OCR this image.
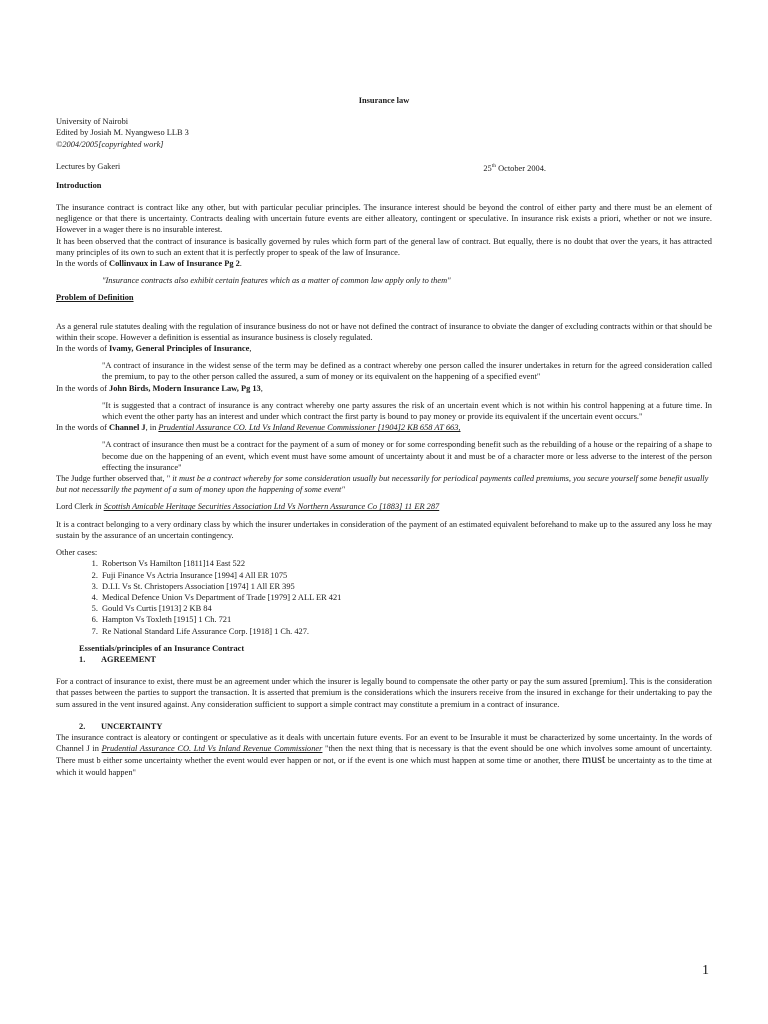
Insurance law

University of Nairobi

Edited by Josiah M. Nyangweso LLB 3

©2004/2005[copyrighted work]

Lectures by Gakeri	25th October 2004.

Introduction

The insurance contract is contract like any other, but with particular peculiar principles. The insurance interest should be beyond the control of either party and there must be an element of negligence or that there is uncertainty. Contracts dealing with uncertain future events are either alleatory, contingent or speculative. In insurance risk exists a priori, whether or not we insure. However in a wager there is no insurable interest.

It has been observed that the contract of insurance is basically governed by rules which form part of the general law of contract. But equally, there is no doubt that over the years, it has attracted many principles of its own to such an extent that it is perfectly proper to speak of the law of Insurance.

In the words of Collinvaux in Law of Insurance Pg 2.

"Insurance contracts also exhibit certain features which as a matter of common law apply only to them"

Problem of Definition

As a general rule statutes dealing with the regulation of insurance business do not or have not defined the contract of insurance to obviate the danger of excluding contracts within or that should be within their scope. However a definition is essential as insurance business is closely regulated.

In the words of Ivamy, General Principles of Insurance,

"A contract of insurance in the widest sense of the term may be defined as a contract whereby one person called the insurer undertakes in return for the agreed consideration called the premium, to pay to the other person called the assured, a sum of money or its equivalent on the happening of a specified event"

In the words of John Birds, Modern Insurance Law, Pg 13,

"It is suggested that a contract of insurance is any contract whereby one party assures the risk of an uncertain event which is not within his control happening at a future time. In which event the other party has an interest and under which contract the first party is bound to pay money or provide its equivalent if the uncertain event occurs."

In the words of Channel J, in Prudential Assurance CO. Ltd Vs Inland Revenue Commissioner [1904]2 KB 658 AT 663,

"A contract of insurance then must be a contract for the payment of a sum of money or for some corresponding benefit such as the rebuilding of a house or the repairing of a shape to become due on the happening of an event, which event must have some amount of uncertainty about it and must be of a character more or less adverse to the interest of the person effecting the insurance"

The Judge further observed that, " it must be a contract whereby for some consideration usually but necessarily for periodical payments called premiums, you secure yourself some benefit usually but not necessarily the payment of a sum of money upon the happening of some event"

Lord Clerk in Scottish Amicable Heritage Securities Association Ltd Vs Northern Assurance Co [1883] 11 ER 287

It is a contract belonging to a very ordinary class by which the insurer undertakes in consideration of the payment of an estimated equivalent beforehand to make up to the assured any loss he may sustain by the assurance of an uncertain contingency.

Other cases:

1. Robertson Vs Hamilton [1811]14 East 522
2. Fuji Finance Vs Actria Insurance [1994] 4 All ER 1075
3. D.I.I. Vs St. Christopers Association [1974] 1 All ER 395
4. Medical Defence Union Vs Department of Trade [1979] 2 ALL ER 421
5. Gould Vs Curtis [1913] 2 KB 84
6. Hampton Vs Toxleth [1915] 1 Ch. 721
7. Re National Standard Life Assurance Corp. [1918] 1 Ch. 427.

Essentials/principles of an Insurance Contract

1. AGREEMENT

For a contract of insurance to exist, there must be an agreement under which the insurer is legally bound to compensate the other party or pay the sum assured [premium]. This is the consideration that passes between the parties to support the transaction. It is asserted that premium is the considerations which the insurers receive from the insured in exchange for their undertaking to pay the sum assured in the vent insured against. Any consideration sufficient to support a simple contract may constitute a premium in a contract of insurance.

2. UNCERTAINTY

The insurance contract is aleatory or contingent or speculative as it deals with uncertain future events. For an event to be Insurable it must be characterized by some uncertainty. In the words of Channel J in Prudential Assurance CO. Ltd Vs Inland Revenue Commissioner "then the next thing that is necessary is that the event should be one which involves some amount of uncertainty. There must b either some uncertainty whether the event would ever happen or not, or if the event is one which must happen at some time or another, there must be uncertainty as to the time at which it would happen"

1
